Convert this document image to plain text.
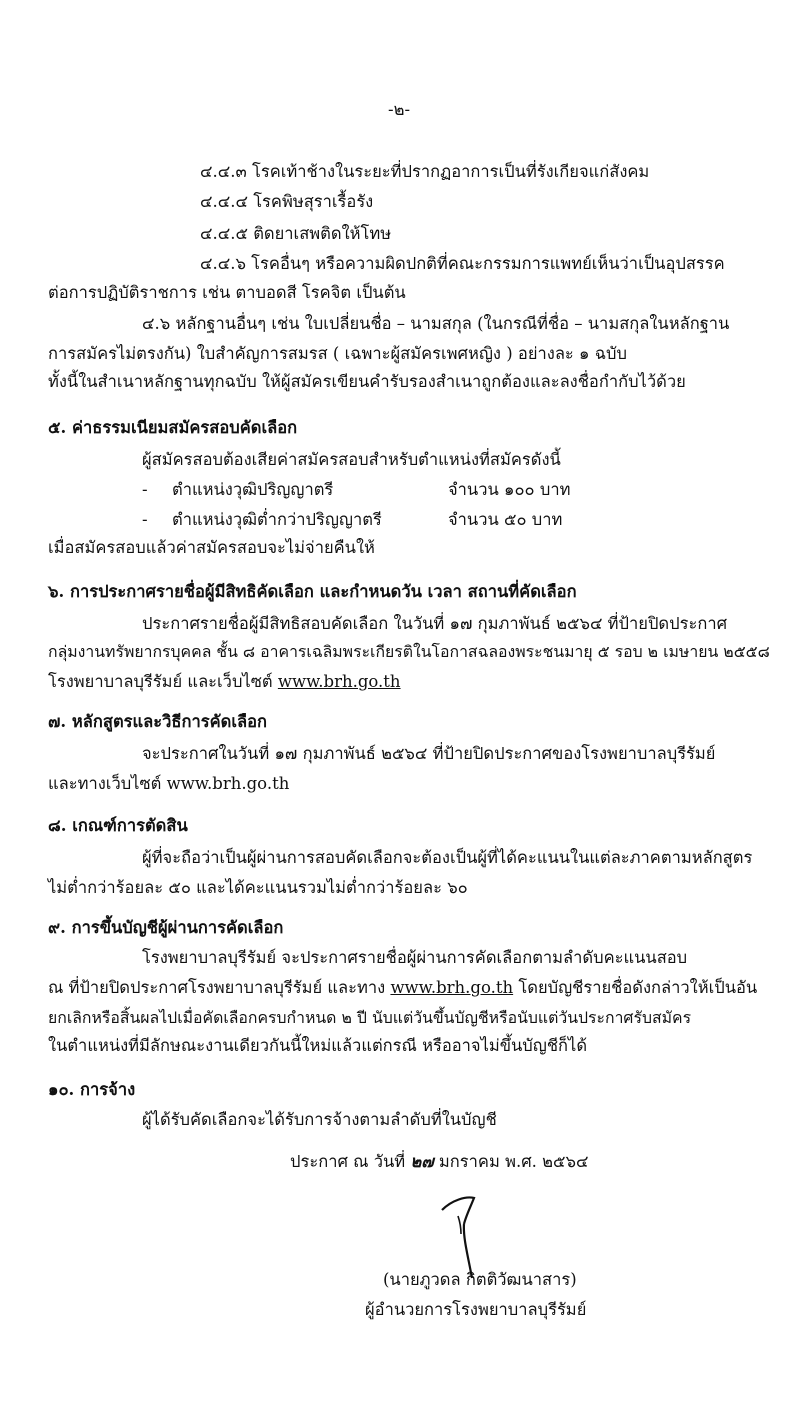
-๒-
๔.๔.๓ โรคเท้าช้างในระยะที่ปรากฏอาการเป็นที่รังเกียจแก่สังคม
๔.๔.๔ โรคพิษสุราเรื้อรัง
๔.๔.๕ ติดยาเสพติดให้โทษ
๔.๔.๖ โรคอื่นๆ หรือความผิดปกติที่คณะกรรมการแพทย์เห็นว่าเป็นอุปสรรค
ต่อการปฏิบัติราชการ เช่น ตาบอดสี โรคจิต เป็นต้น
๔.๖ หลักฐานอื่นๆ เช่น ใบเปลี่ยนชื่อ – นามสกุล (ในกรณีที่ชื่อ – นามสกุลในหลักฐาน
การสมัครไม่ตรงกัน) ใบสำคัญการสมรส ( เฉพาะผู้สมัครเพศหญิง ) อย่างละ ๑ ฉบับ
ทั้งนี้ในสำเนาหลักฐานทุกฉบับ ให้ผู้สมัครเขียนคำรับรองสำเนาถูกต้องและลงชื่อกำกับไว้ด้วย
๕. ค่าธรรมเนียมสมัครสอบคัดเลือก
ผู้สมัครสอบต้องเสียค่าสมัครสอบสำหรับตำแหน่งที่สมัครดังนี้
- ตำแหน่งวุฒิปริญญาตรี	จำนวน ๑๐๐ บาท
- ตำแหน่งวุฒิต่ำกว่าปริญญาตรี	จำนวน ๕๐ บาท
เมื่อสมัครสอบแล้วค่าสมัครสอบจะไม่จ่ายคืนให้
๖. การประกาศรายชื่อผู้มีสิทธิคัดเลือก และกำหนดวัน เวลา สถานที่คัดเลือก
ประกาศรายชื่อผู้มีสิทธิสอบคัดเลือก ในวันที่ ๑๗ กุมภาพันธ์ ๒๕๖๔ ที่ป้ายปิดประกาศ
กลุ่มงานทรัพยากรบุคคล ชั้น ๘ อาคารเฉลิมพระเกียรติในโอกาสฉลองพระชนมายุ ๕ รอบ ๒ เมษายน ๒๕๕๘
โรงพยาบาลบุรีรัมย์ และเว็บไซต์ www.brh.go.th
๗. หลักสูตรและวิธีการคัดเลือก
จะประกาศในวันที่ ๑๗ กุมภาพันธ์ ๒๕๖๔ ที่ป้ายปิดประกาศของโรงพยาบาลบุรีรัมย์
และทางเว็บไซต์ www.brh.go.th
๘. เกณฑ์การตัดสิน
ผู้ที่จะถือว่าเป็นผู้ผ่านการสอบคัดเลือกจะต้องเป็นผู้ที่ได้คะแนนในแต่ละภาคตามหลักสูตร
ไม่ต่ำกว่าร้อยละ ๕๐ และได้คะแนนรวมไม่ต่ำกว่าร้อยละ ๖๐
๙. การขึ้นบัญชีผู้ผ่านการคัดเลือก
โรงพยาบาลบุรีรัมย์ จะประกาศรายชื่อผู้ผ่านการคัดเลือกตามลำดับคะแนนสอบ
ณ ที่ป้ายปิดประกาศโรงพยาบาลบุรีรัมย์ และทาง www.brh.go.th โดยบัญชีรายชื่อดังกล่าวให้เป็นอัน
ยกเลิกหรือสิ้นผลไปเมื่อคัดเลือกครบกำหนด ๒ ปี นับแต่วันขึ้นบัญชีหรือนับแต่วันประกาศรับสมัคร
ในตำแหน่งที่มีลักษณะงานเดียวกันนี้ใหม่แล้วแต่กรณี หรืออาจไม่ขึ้นบัญชีก็ได้
๑๐. การจ้าง
ผู้ได้รับคัดเลือกจะได้รับการจ้างตามลำดับที่ในบัญชี
ประกาศ ณ วันที่ ๒๗ มกราคม พ.ศ. ๒๕๖๔
(นายภูวดล กิตติวัฒนาสาร)
ผู้อำนวยการโรงพยาบาลบุรีรัมย์
